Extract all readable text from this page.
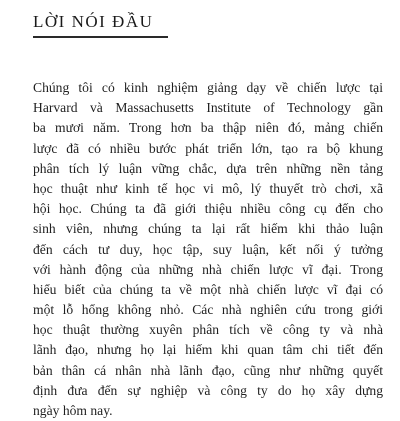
LỜI NÓI ĐẦU
Chúng tôi có kinh nghiệm giảng dạy về chiến lược tại
Harvard và Massachusetts Institute of Technology gần
ba mươi năm. Trong hơn ba thập niên đó, mảng chiến
lược đã có nhiều bước phát triển lớn, tạo ra bộ khung
phân tích lý luận vững chắc, dựa trên những nền tảng
học thuật như kinh tế học vi mô, lý thuyết trò chơi, xã
hội học. Chúng ta đã giới thiệu nhiều công cụ đến cho
sinh viên, nhưng chúng ta lại rất hiếm khi thảo luận
đến cách tư duy, học tập, suy luận, kết nối ý tưởng
với hành động của những nhà chiến lược vĩ đại. Trong
hiểu biết của chúng ta về một nhà chiến lược vĩ đại có
một lỗ hổng không nhỏ. Các nhà nghiên cứu trong giới
học thuật thường xuyên phân tích về công ty và nhà
lãnh đạo, nhưng họ lại hiếm khi quan tâm chi tiết đến
bản thân cá nhân nhà lãnh đạo, cũng như những quyết
định đưa đến sự nghiệp và công ty do họ xây dựng
ngày hôm nay.
